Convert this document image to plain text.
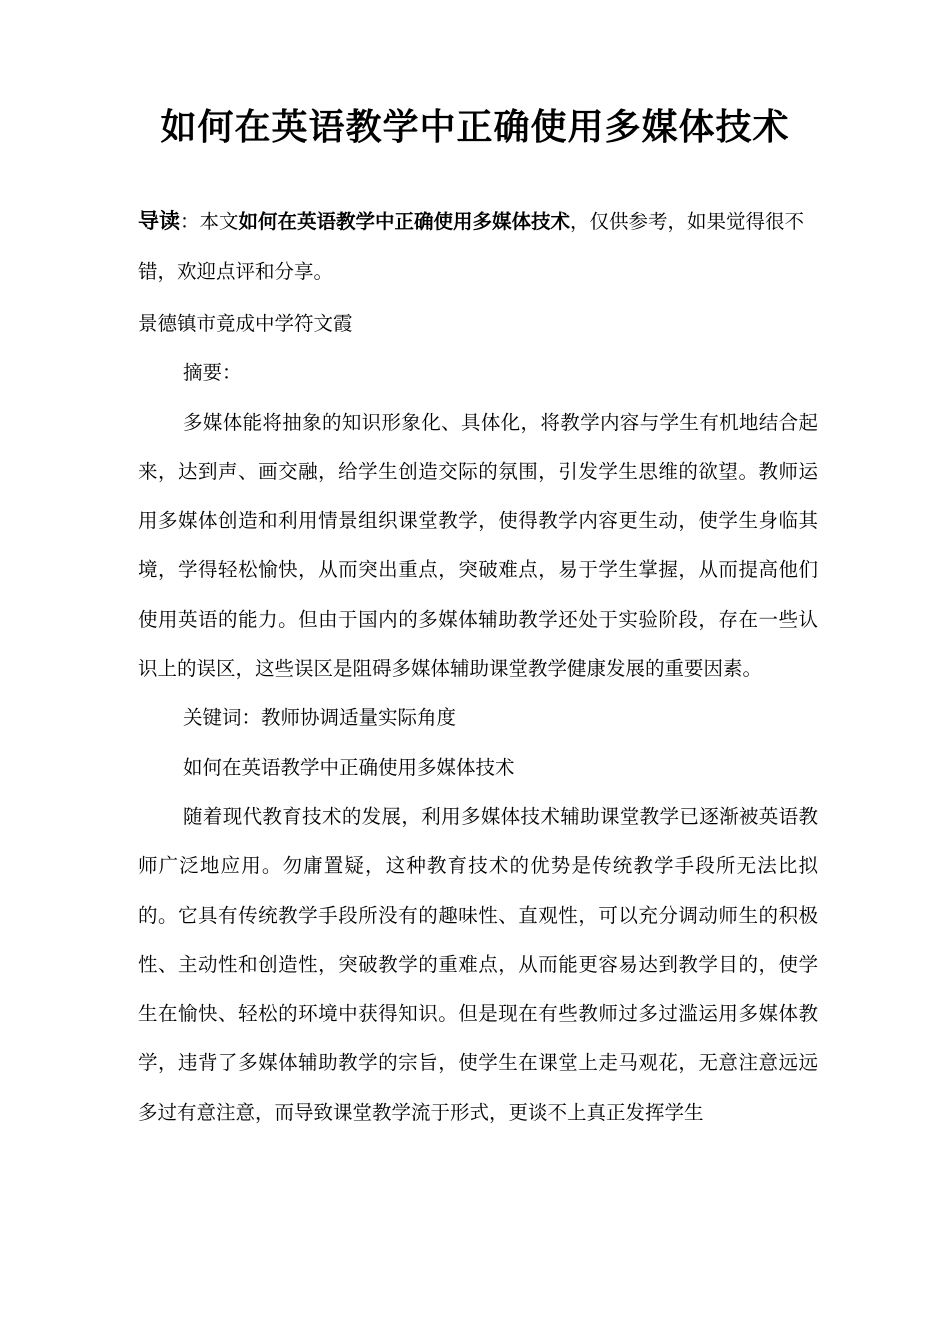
如何在英语教学中正确使用多媒体技术

导读：本文如何在英语教学中正确使用多媒体技术，仅供参考，如果觉得很不错，欢迎点评和分享。

景德镇市竟成中学符文霞

摘要：

多媒体能将抽象的知识形象化、具体化，将教学内容与学生有机地结合起来，达到声、画交融，给学生创造交际的氛围，引发学生思维的欲望。教师运用多媒体创造和利用情景组织课堂教学，使得教学内容更生动，使学生身临其境，学得轻松愉快，从而突出重点，突破难点，易于学生掌握，从而提高他们使用英语的能力。但由于国内的多媒体辅助教学还处于实验阶段，存在一些认识上的误区，这些误区是阻碍多媒体辅助课堂教学健康发展的重要因素。

关键词：教师协调适量实际角度

如何在英语教学中正确使用多媒体技术

随着现代教育技术的发展，利用多媒体技术辅助课堂教学已逐渐被英语教师广泛地应用。勿庸置疑，这种教育技术的优势是传统教学手段所无法比拟的。它具有传统教学手段所没有的趣味性、直观性，可以充分调动师生的积极性、主动性和创造性，突破教学的重难点，从而能更容易达到教学目的，使学生在愉快、轻松的环境中获得知识。但是现在有些教师过多过滥运用多媒体教学，违背了多媒体辅助教学的宗旨，使学生在课堂上走马观花，无意注意远远多过有意注意，而导致课堂教学流于形式，更谈不上真正发挥学生
